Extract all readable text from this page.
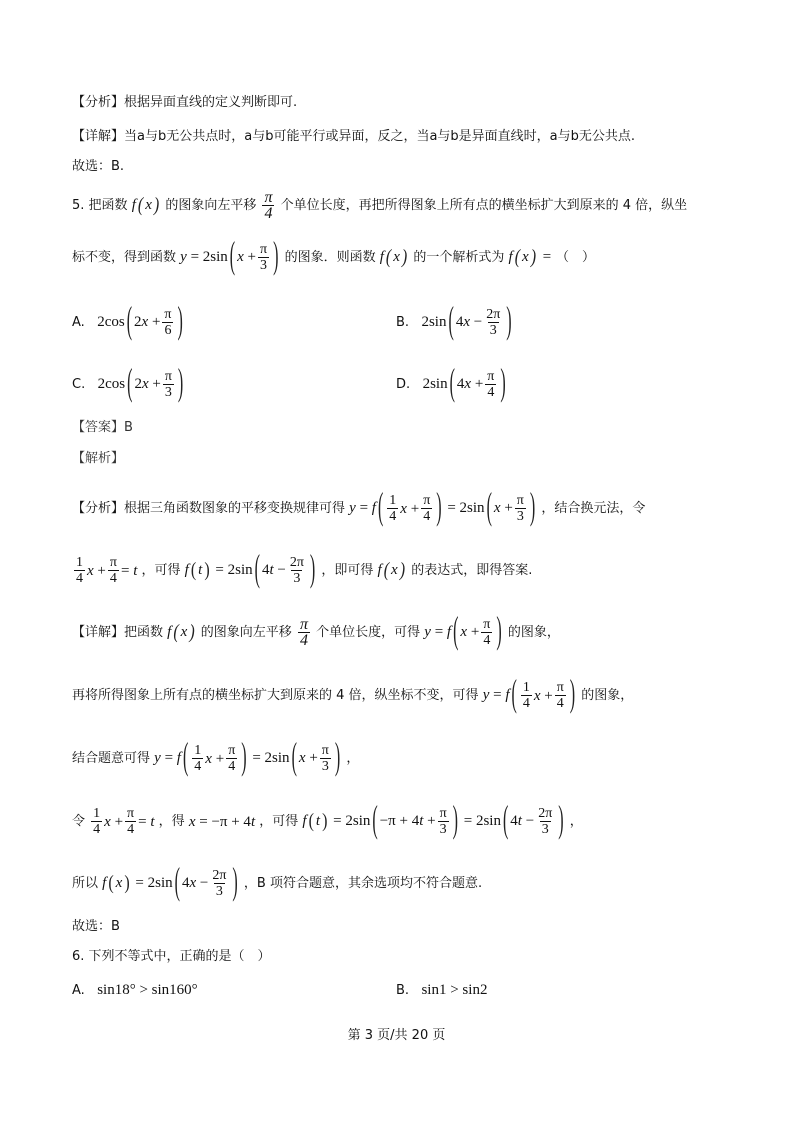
【分析】根据异面直线的定义判断即可.
【详解】当a与b无公共点时，a与b可能平行或异面，反之，当a与b是异面直线时，a与b无公共点.
故选：B.
5. 把函数 f ( x ) 的图象向左平移 $\frac{\pi}{4}$ 个单位长度，再把所得图象上所有点的横坐标扩大到原来的 4 倍，纵坐
标不变，得到函数 y = 2sin ( $x + \frac{\pi}{3}$ ) 的图象．则函数 f ( x ) 的一个解析式为 f ( x ) = （　）
A. 2cos ( $2x + \frac{\pi}{6}$ )	B. 2sin ( $4x - \frac{2\pi}{3}$ )
C. 2cos ( $2x + \frac{\pi}{3}$ )	D. 2sin ( $4x + \frac{\pi}{4}$ )
【答案】B
【解析】
【分析】根据三角函数图象的平移变换规律可得 y = f ( $\frac{1}{4}$ $x + \frac{\pi}{4}$ ) = 2sin ( $x + \frac{\pi}{3}$ ) ，结合换元法，令
$\frac{1}{4}$ $x + \frac{\pi}{4} = t$ ，可得 f ( t ) = 2sin ( $4t - \frac{2\pi}{3}$ ) ，即可得 f ( x ) 的表达式，即得答案.
【详解】把函数 f ( x ) 的图象向左平移 $\frac{\pi}{4}$ 个单位长度，可得 y = f ( $x + \frac{\pi}{4}$ ) 的图象，
再将所得图象上所有点的横坐标扩大到原来的 4 倍，纵坐标不变，可得 y = f ( $\frac{1}{4}$ $x + \frac{\pi}{4}$ ) 的图象，
结合题意可得 y = f ( $\frac{1}{4}$ $x + \frac{\pi}{4}$ ) = 2sin ( $x + \frac{\pi}{3}$ ) ，
令 $\frac{1}{4}$ $x + \frac{\pi}{4} = t$ ，得 x = −π + 4t ，可得 f ( t ) = 2sin ( $-\pi + 4t + \frac{\pi}{3}$ ) = 2sin ( $4t - \frac{2\pi}{3}$ ) ，
所以 f ( x ) = 2sin ( $4x - \frac{2\pi}{3}$ ) ，B 项符合题意，其余选项均不符合题意.
故选：B
6. 下列不等式中，正确的是（　）
A. sin18° > sin160°	B. sin1 > sin2
第 3 页/共 20 页
